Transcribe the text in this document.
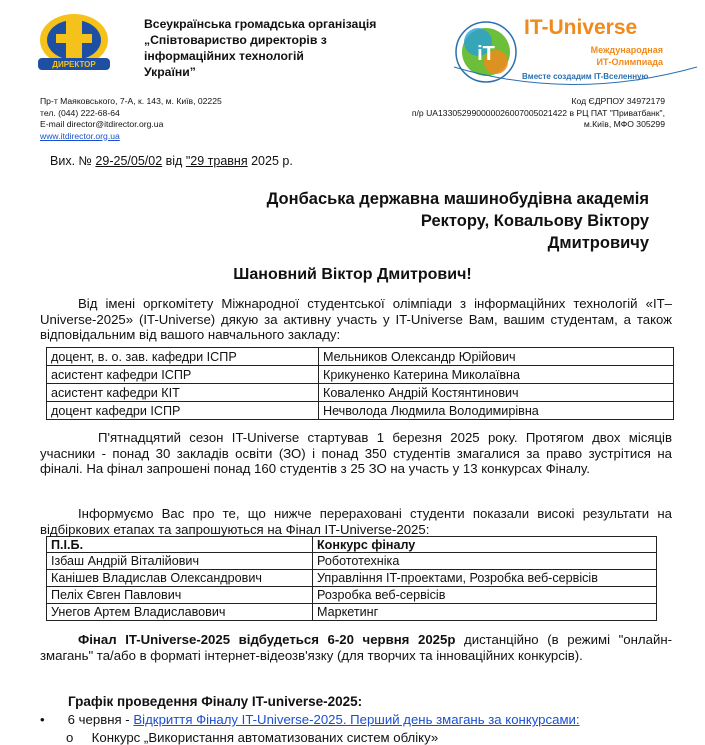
ДИРЕКТОР
Всеукраїнська громадська організація
„Співтовариство директорів з
інформаційних технологій
України”
iT
IT-Universe
Международная
ИТ-Олимпиада
Вместе создадим IT-Вселенную
Пр-т Маяковського, 7-А, к. 143, м. Київ, 02225
тел. (044) 222-68-64
E-mail director@itdirector.org.ua
www.itdirector.org.ua
Код ЄДРПОУ 34972179
п/р UA133052990000026007005021422 в РЦ ПАТ "Приватбанк",
м.Київ, МФО 305299
Вих. № 29-25/05/02 від "29 травня 2025 р.
Донбаська державна машинобудівна академія
Ректору, Ковальову Віктору
Дмитровичу
Шановний Віктор Дмитрович!
Від імені оргкомітету Міжнародної студентської олімпіади з інформаційних технологій «IT–Universe-2025» (IT-Universe) дякую за активну участь у IT-Universe Вам, вашим студентам, а також відповідальним від вашого навчального закладу:
доцент, в. о. зав. кафедри ІСПР	Мельников Олександр Юрійович
асистент кафедри ІСПР	Крикуненко Катерина Миколаївна
асистент кафедри КІТ	Коваленко Андрій Костянтинович
доцент кафедри ІСПР	Нечволода Людмила Володимирівна
П'ятнадцятий сезон IT-Universe стартував 1 березня 2025 року. Протягом двох місяців учасники - понад 30 закладів освіти (ЗО) і понад 350 студентів змагалися за право зустрітися на фіналі. На фінал запрошені понад 160 студентів з 25 ЗО на участь у 13 конкурсах Фіналу.
Інформуємо Вас про те, що нижче перераховані студенти показали високі результати на відбіркових етапах та запрошуються на Фінал IT-Universe-2025:
П.І.Б.	Конкурс фіналу
Ізбаш Андрій Віталійович	Робототехніка
Канішев Владислав Олександрович	Управління IT-проектами, Розробка веб-сервісів
Пеліх Євген Павлович	Розробка веб-сервісів
Унегов Артем Владиславович	Маркетинг
Фінал IT-Universe-2025 відбудеться 6-20 червня 2025р дистанційно (в режимі "онлайн-змагань" та/або в форматі інтернет-відеозв'язку (для творчих та інноваційних конкурсів).
Графік проведення Фіналу IT-universe-2025:
• 6 червня - Відкриття Фіналу IT-Universe-2025. Перший день змагань за конкурсами:
o Конкурс „Використання автоматизованих систем обліку»
